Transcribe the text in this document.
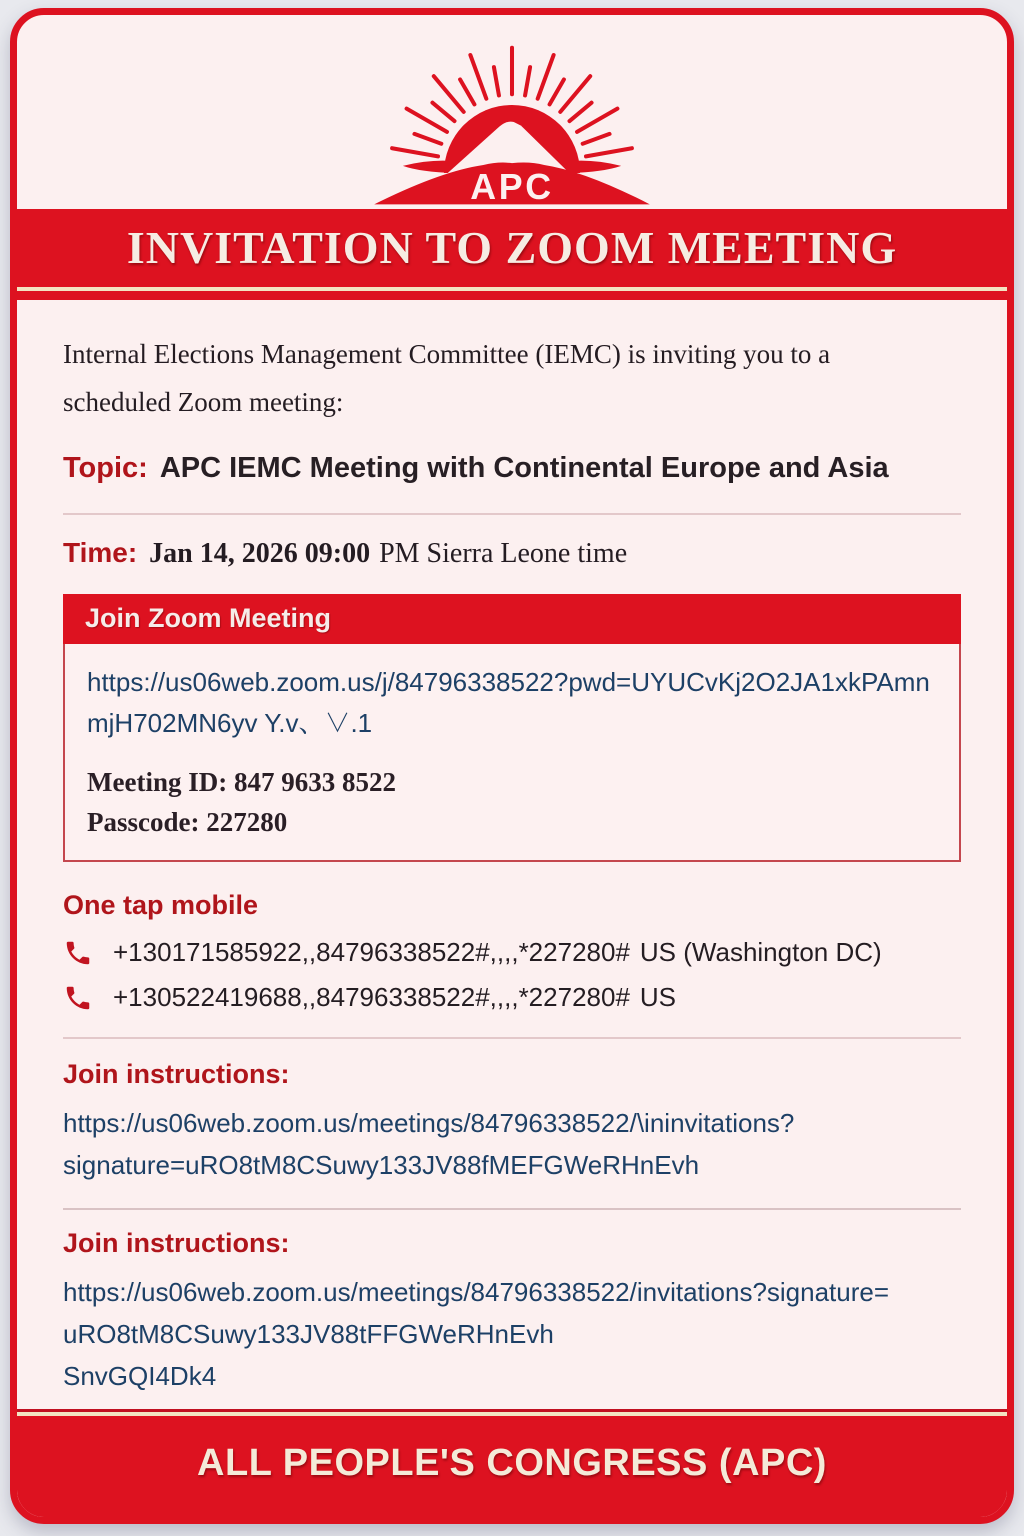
APC
INVITATION TO ZOOM MEETING

Internal Elections Management Committee (IEMC) is inviting you to a scheduled Zoom meeting:

Topic: APC IEMC Meeting with Continental Europe and Asia
Time: Jan 14, 2026 09:00 PM Sierra Leone time
Join Zoom Meeting
https://us06web.zoom.us/j/84796338522?pwd=UYUCvKj2O2JA1xkPAmn
mjH702MN6yv Y.v、∨.1
Meeting ID: 847 9633 8522
Passcode: 227280
One tap mobile
+130171585922,,84796338522#,,,,*227280# US (Washington DC)
+130522419688,,84796338522#,,,,*227280# US
Join instructions:
https://us06web.zoom.us/meetings/84796338522/\ininvitations?
signature=uRO8tM8CSuwy133JV88fMEFGWeRHnEvh
Join instructions:
https://us06web.zoom.us/meetings/84796338522/invitations?signature=
uRO8tM8CSuwy133JV88tFFGWeRHnEvh
SnvGQI4Dk4
ALL PEOPLE'S CONGRESS (APC)
